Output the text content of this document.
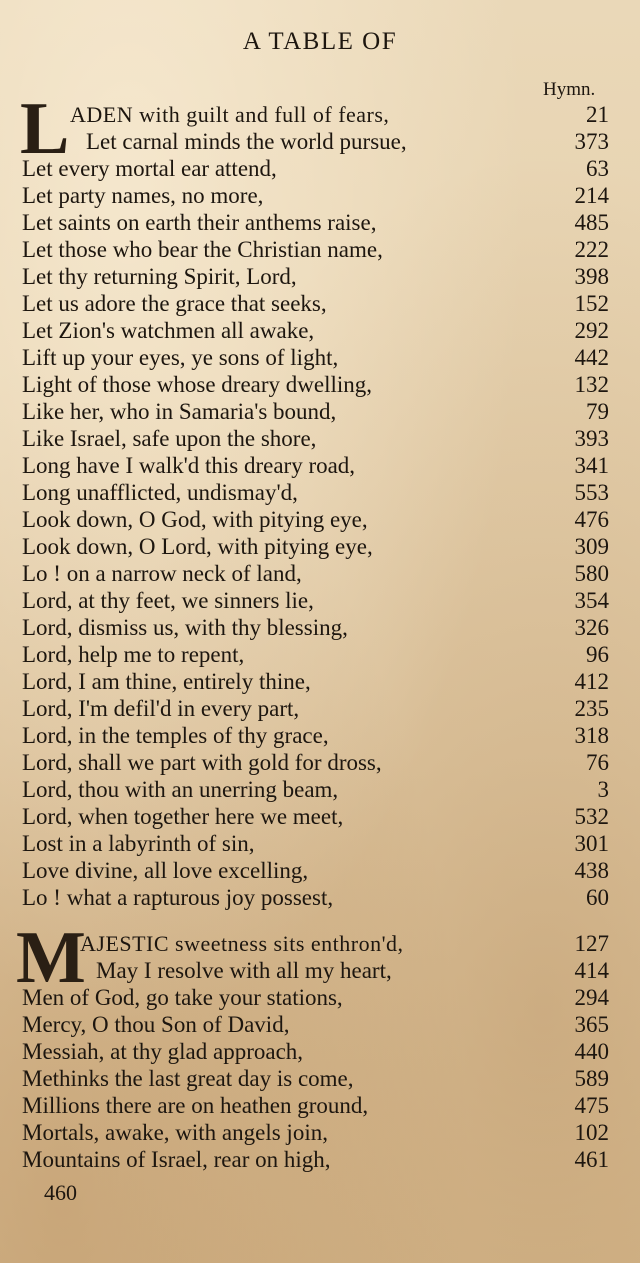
A TABLE OF
Hymn.
L ADEN with guilt and full of fears,	21
Let carnal minds the world pursue,	373
Let every mortal ear attend,	63
Let party names, no more,	214
Let saints on earth their anthems raise,	485
Let those who bear the Christian name,	222
Let thy returning Spirit, Lord,	398
Let us adore the grace that seeks,	152
Let Zion's watchmen all awake,	292
Lift up your eyes, ye sons of light,	442
Light of those whose dreary dwelling,	132
Like her, who in Samaria's bound,	79
Like Israel, safe upon the shore,	393
Long have I walk'd this dreary road,	341
Long unafflicted, undismay'd,	553
Look down, O God, with pitying eye,	476
Look down, O Lord, with pitying eye,	309
Lo ! on a narrow neck of land,	580
Lord, at thy feet, we sinners lie,	354
Lord, dismiss us, with thy blessing,	326
Lord, help me to repent,	96
Lord, I am thine, entirely thine,	412
Lord, I'm defil'd in every part,	235
Lord, in the temples of thy grace,	318
Lord, shall we part with gold for dross,	76
Lord, thou with an unerring beam,	3
Lord, when together here we meet,	532
Lost in a labyrinth of sin,	301
Love divine, all love excelling,	438
Lo ! what a rapturous joy possest,	60
M
AJESTIC sweetness sits enthron'd,	127
May I resolve with all my heart,	414
Men of God, go take your stations,	294
Mercy, O thou Son of David,	365
Messiah, at thy glad approach,	440
Methinks the last great day is come,	589
Millions there are on heathen ground,	475
Mortals, awake, with angels join,	102
Mountains of Israel, rear on high,	461
460
